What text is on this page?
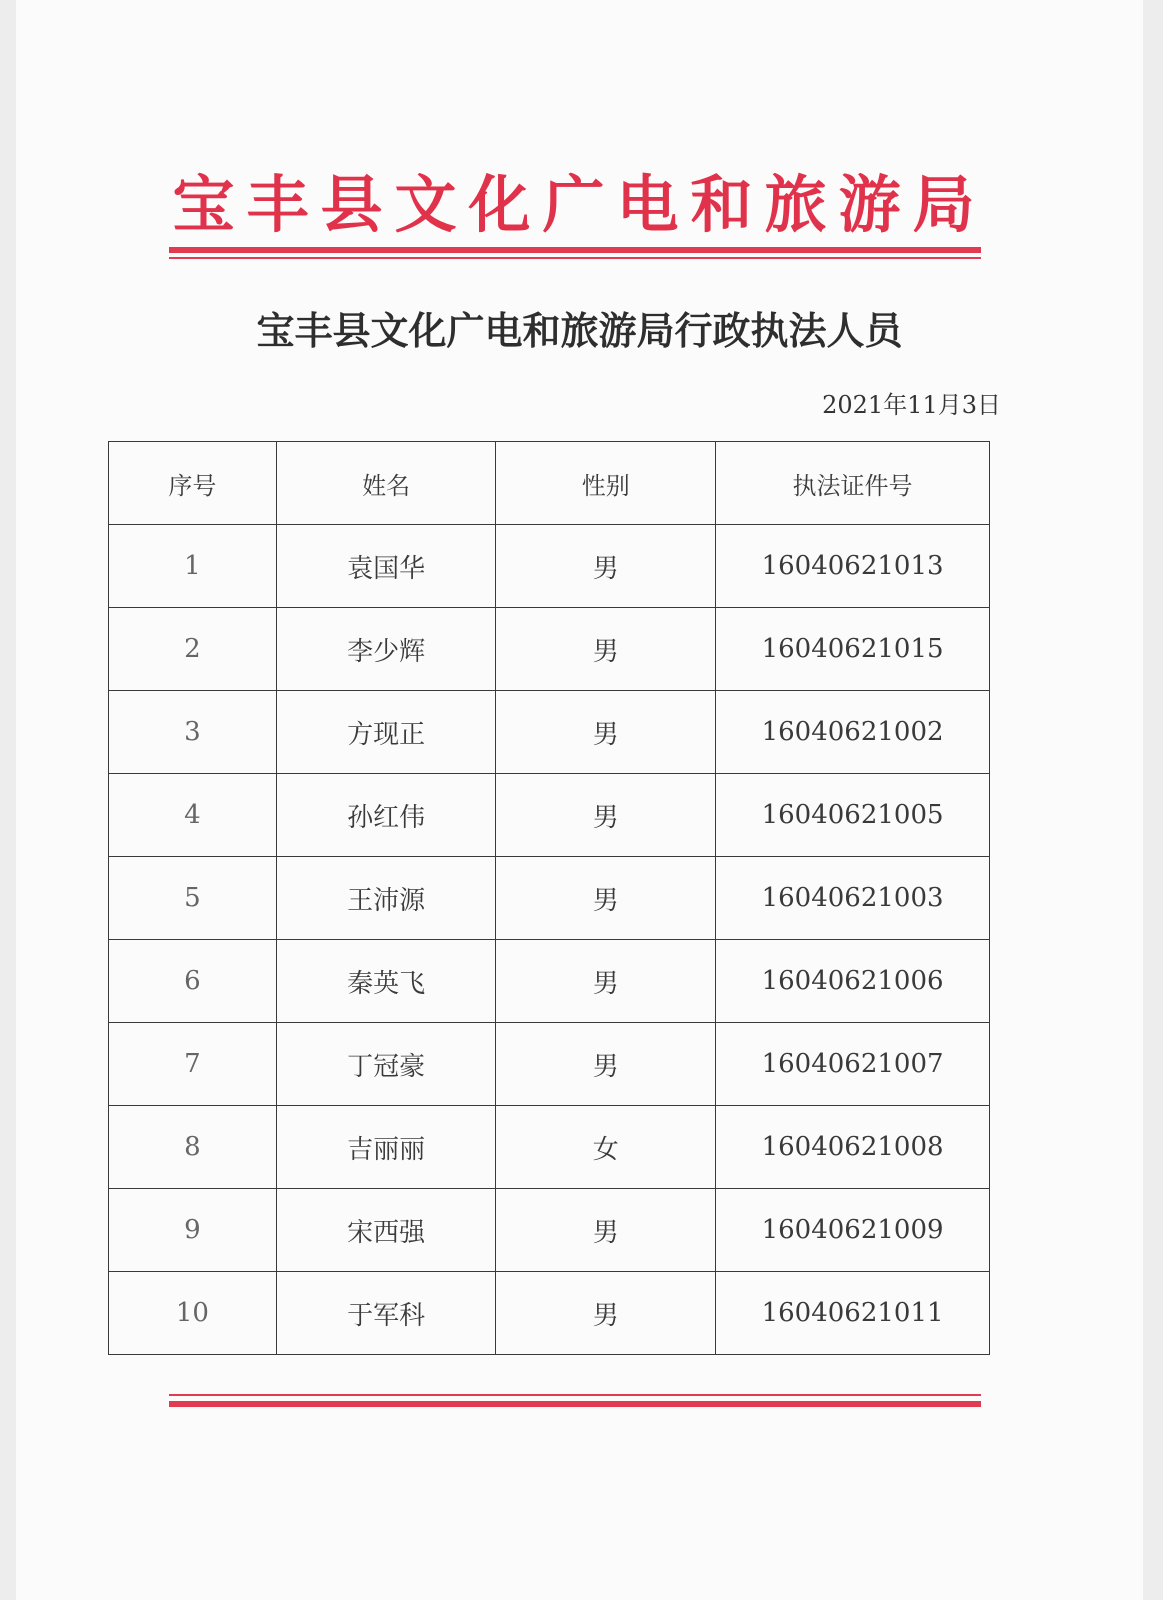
宝丰县文化广电和旅游局
宝丰县文化广电和旅游局行政执法人员
2021年11月3日
序号	姓名	性别	执法证件号
1	袁国华	男	16040621013
2	李少辉	男	16040621015
3	方现正	男	16040621002
4	孙红伟	男	16040621005
5	王沛源	男	16040621003
6	秦英飞	男	16040621006
7	丁冠豪	男	16040621007
8	吉丽丽	女	16040621008
9	宋西强	男	16040621009
10	于军科	男	16040621011
